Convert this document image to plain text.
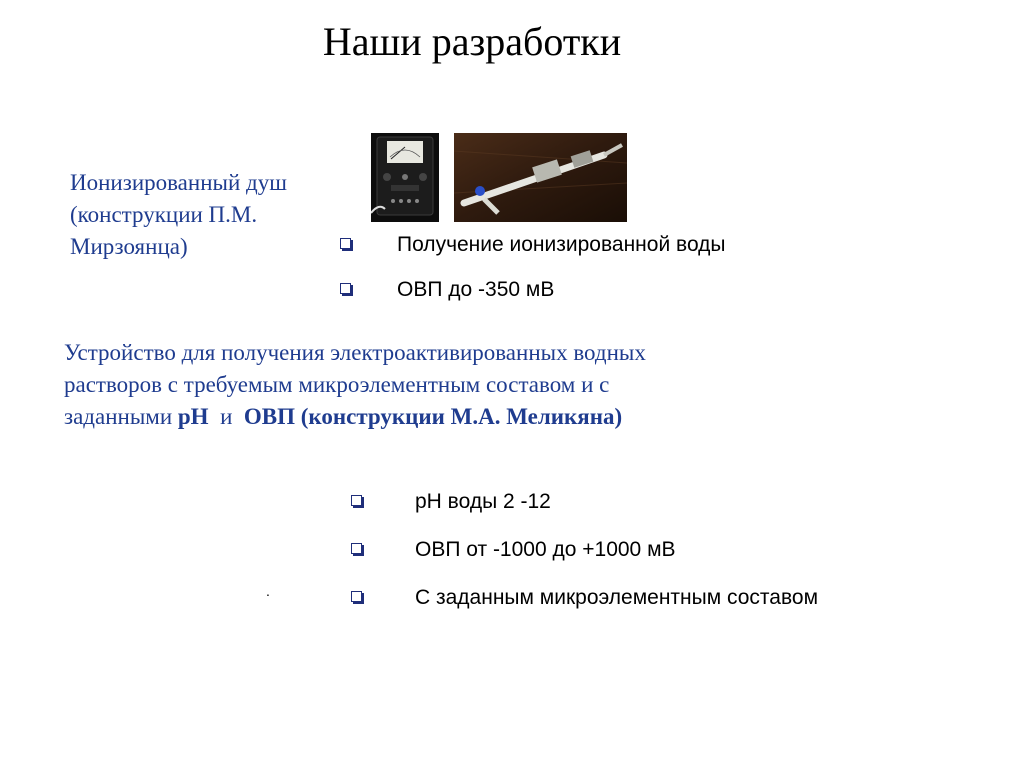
Наши разработки
Ионизированный душ (конструкции П.М. Мирзоянца)	Получение ионизированной воды
ОВП до -350 мВ
Устройство для получения электроактивированных водных
растворов с требуемым микроэлементным составом и с
заданными рН и ОВП (конструкции М.А. Меликяна)
рН воды 2 -12
ОВП от -1000 до +1000 мВ
С заданным микроэлементным составом
.
